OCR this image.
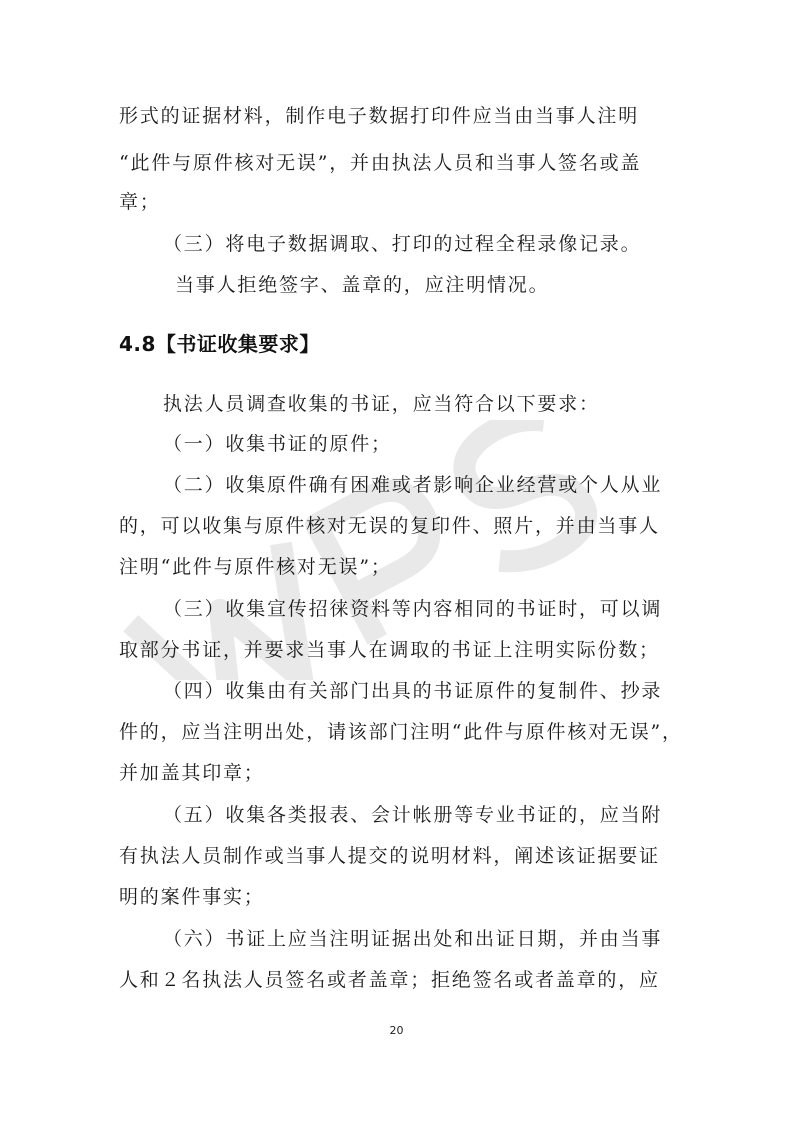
形式的证据材料，制作电子数据打印件应当由当事人注明
“此件与原件核对无误”，并由执法人员和当事人签名或盖
章；
（三）将电子数据调取、打印的过程全程录像记录。
当事人拒绝签字、盖章的，应注明情况。
4.8【书证收集要求】
执法人员调查收集的书证，应当符合以下要求：
（一）收集书证的原件；
（二）收集原件确有困难或者影响企业经营或个人从业
的，可以收集与原件核对无误的复印件、照片，并由当事人
注明“此件与原件核对无误”；
（三）收集宣传招徕资料等内容相同的书证时，可以调
取部分书证，并要求当事人在调取的书证上注明实际份数；
（四）收集由有关部门出具的书证原件的复制件、抄录
件的，应当注明出处，请该部门注明“此件与原件核对无误”，
并加盖其印章；
（五）收集各类报表、会计帐册等专业书证的，应当附
有执法人员制作或当事人提交的说明材料，阐述该证据要证
明的案件事实；
（六）书证上应当注明证据出处和出证日期，并由当事
人和２名执法人员签名或者盖章；拒绝签名或者盖章的，应
20
